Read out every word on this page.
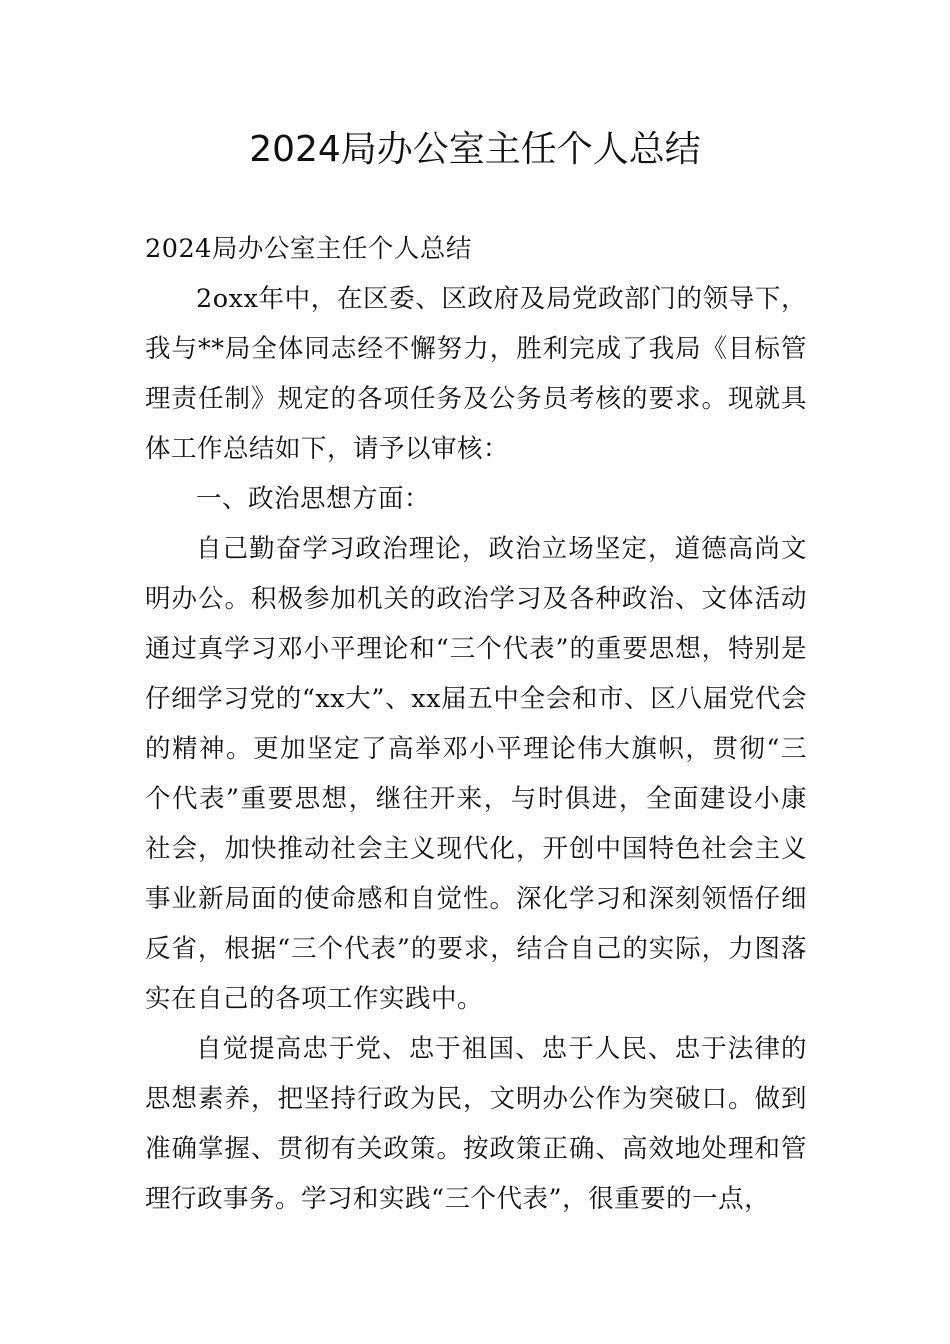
2024局办公室主任个人总结

2024局办公室主任个人总结

2oxx年中，在区委、区政府及局党政部门的领导下，我与**局全体同志经不懈努力，胜利完成了我局《目标管理责任制》规定的各项任务及公务员考核的要求。现就具体工作总结如下，请予以审核：

一、政治思想方面：

自己勤奋学习政治理论，政治立场坚定，道德高尚文明办公。积极参加机关的政治学习及各种政治、文体活动通过真学习邓小平理论和“三个代表”的重要思想，特别是仔细学习党的“xx大”、xx届五中全会和市、区八届党代会的精神。更加坚定了高举邓小平理论伟大旗帜，贯彻“三个代表”重要思想，继往开来，与时俱进，全面建设小康社会，加快推动社会主义现代化，开创中国特色社会主义事业新局面的使命感和自觉性。深化学习和深刻领悟仔细反省，根据“三个代表”的要求，结合自己的实际，力图落实在自己的各项工作实践中。

自觉提高忠于党、忠于祖国、忠于人民、忠于法律的思想素养，把坚持行政为民，文明办公作为突破口。做到准确掌握、贯彻有关政策。按政策正确、高效地处理和管理行政事务。学习和实践“三个代表”，很重要的一点，
